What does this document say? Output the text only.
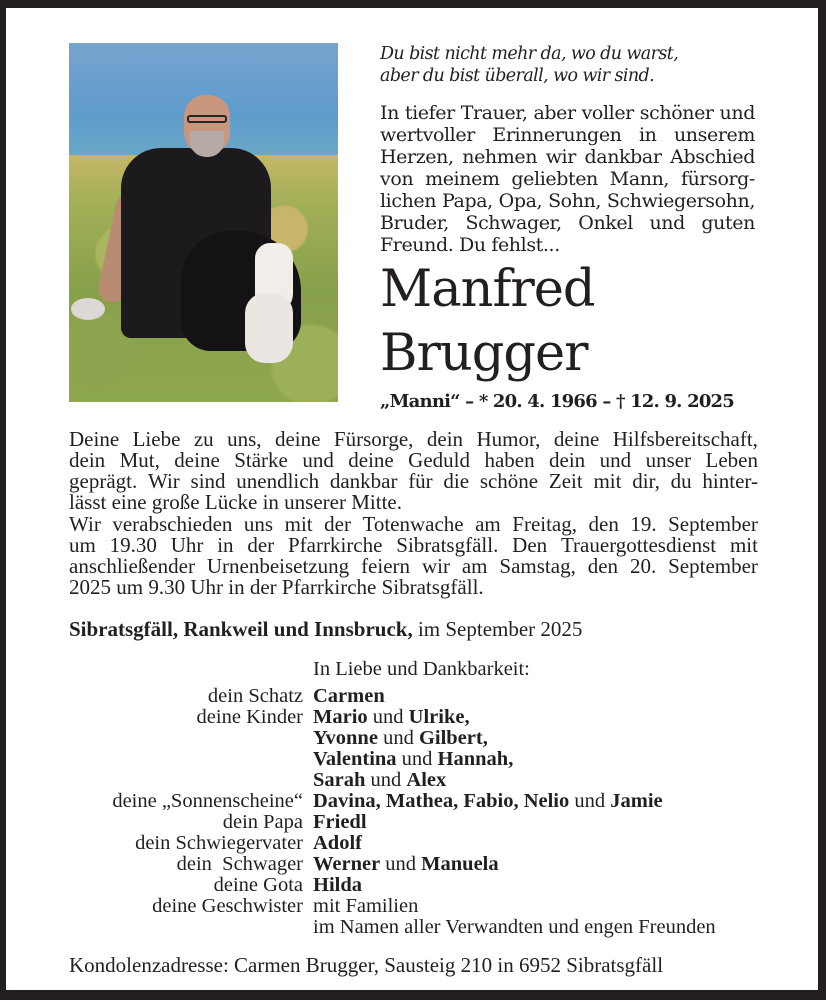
Du bist nicht mehr da, wo du warst,
aber du bist überall, wo wir sind.
In tiefer Trauer, aber voller schöner und
wertvoller Erinnerungen in unserem
Herzen, nehmen wir dankbar Abschied
von meinem geliebten Mann, fürsorg-
lichen Papa, Opa, Sohn, Schwiegersohn,
Bruder, Schwager, Onkel und guten
Freund. Du fehlst...
Manfred
Brugger
„Manni“ – * 20. 4. 1966 – † 12. 9. 2025
Deine Liebe zu uns, deine Fürsorge, dein Humor, deine Hilfsbereitschaft,
dein Mut, deine Stärke und deine Geduld haben dein und unser Leben
geprägt. Wir sind unendlich dankbar für die schöne Zeit mit dir, du hinter-
lässt eine große Lücke in unserer Mitte.
Wir verabschieden uns mit der Totenwache am Freitag, den 19. September
um 19.30 Uhr in der Pfarrkirche Sibratsgfäll. Den Trauergottesdienst mit
anschließender Urnenbeisetzung feiern wir am Samstag, den 20. September
2025 um 9.30 Uhr in der Pfarrkirche Sibratsgfäll.
Sibratsgfäll, Rankweil und Innsbruck, im September 2025
In Liebe und Dankbarkeit:
dein Schatz Carmen
deine Kinder Mario und Ulrike,
Yvonne und Gilbert,
Valentina und Hannah,
Sarah und Alex
deine „Sonnenscheine“ Davina, Mathea, Fabio, Nelio und Jamie
dein Papa Friedl
dein Schwiegervater Adolf
dein  Schwager Werner und Manuela
deine Gota Hilda
deine Geschwister mit Familien
im Namen aller Verwandten und engen Freunden
Kondolenzadresse: Carmen Brugger, Sausteig 210 in 6952 Sibratsgfäll
